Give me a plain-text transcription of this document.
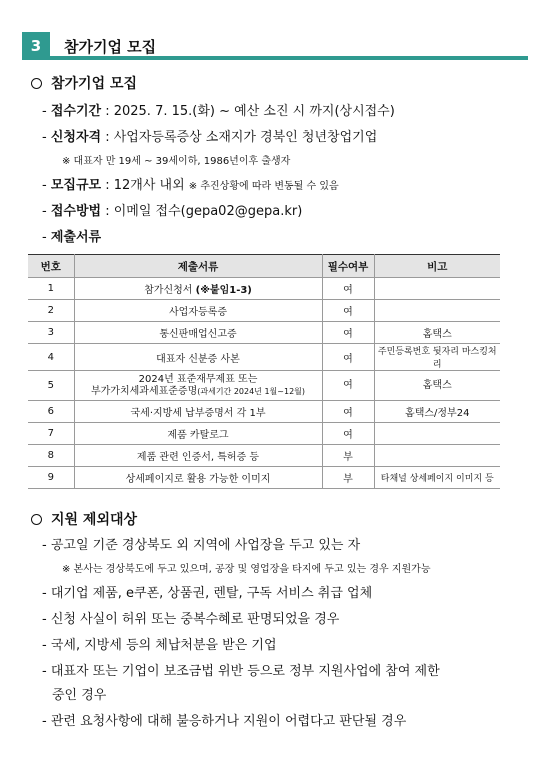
3	참가기업 모집
참가기업 모집
- 접수기간 : 2025. 7. 15.(화) ~ 예산 소진 시 까지(상시접수)
- 신청자격 : 사업자등록증상 소재지가 경북인 청년창업기업
※ 대표자 만 19세 ~ 39세이하, 1986년이후 출생자
- 모집규모 : 12개사 내외 ※ 추진상황에 따라 변동될 수 있음
- 접수방법 : 이메일 접수(gepa02@gepa.kr)
- 제출서류
번호	제출서류	필수여부	비고
1	참가신청서 (※붙임1-3)	여	
2	사업자등록증	여	
3	통신판매업신고증	여	홈택스
4	대표자 신분증 사본	여	주민등록번호 뒷자리 마스킹처리
5	2024년 표준재무제표 또는
부가가치세과세표준증명(과세기간 2024년 1월~12월)	여	홈택스
6	국세·지방세 납부증명서 각 1부	여	홈택스/정부24
7	제품 카탈로그	여	
8	제품 관련 인증서, 특허증 등	부	
9	상세페이지로 활용 가능한 이미지	부	타채널 상세페이지 이미지 등
지원 제외대상
- 공고일 기준 경상북도 외 지역에 사업장을 두고 있는 자
※ 본사는 경상북도에 두고 있으며, 공장 및 영업장을 타지에 두고 있는 경우 지원가능
- 대기업 제품, e쿠폰, 상품권, 렌탈, 구독 서비스 취급 업체
- 신청 사실이 허위 또는 중복수혜로 판명되었을 경우
- 국세, 지방세 등의 체납처분을 받은 기업
- 대표자 또는 기업이 보조금법 위반 등으로 정부 지원사업에 참여 제한
중인 경우
- 관련 요청사항에 대해 불응하거나 지원이 어렵다고 판단될 경우
